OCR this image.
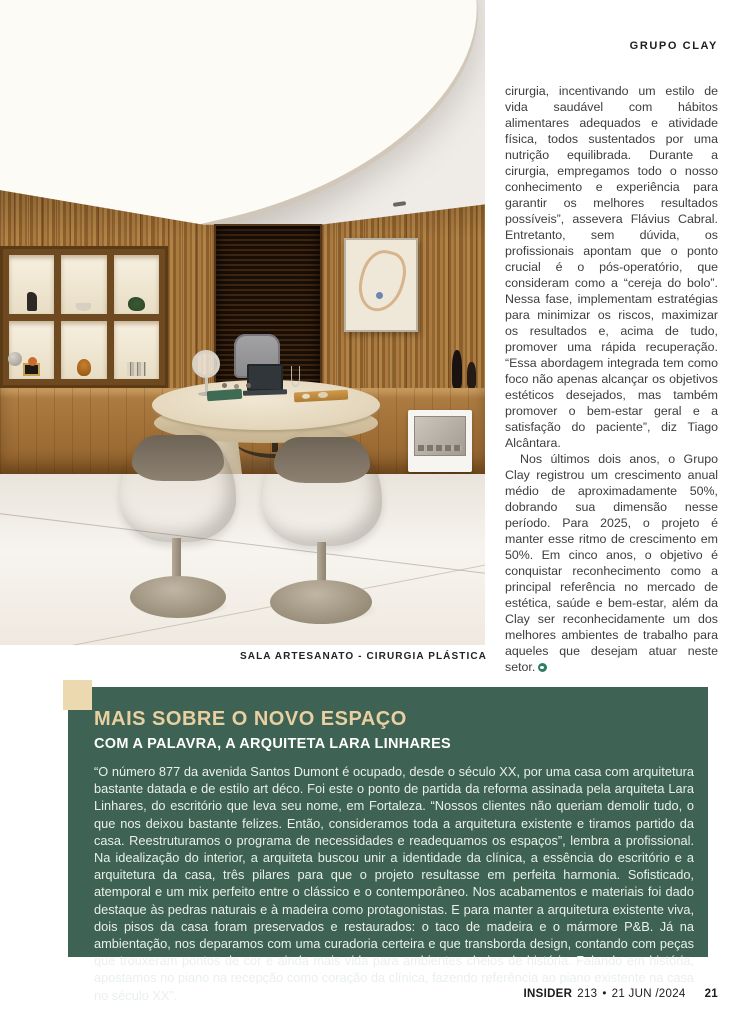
SALA ARTESANATO - CIRURGIA PLÁSTICA
GRUPO CLAY

cirurgia, incentivando um estilo de vida saudável com hábitos alimentares adequados e atividade física, todos sustentados por uma nutrição equilibrada. Durante a cirurgia, empregamos todo o nosso conhecimento e experiência para garantir os melhores resultados possíveis”, assevera Flávius Cabral. Entretanto, sem dúvida, os profissionais apontam que o ponto crucial é o pós-operatório, que consideram como a “cereja do bolo”. Nessa fase, implementam estratégias para minimizar os riscos, maximizar os resultados e, acima de tudo, promover uma rápida recuperação. “Essa abordagem integrada tem como foco não apenas alcançar os objetivos estéticos desejados, mas também promover o bem-estar geral e a satisfação do paciente”, diz Tiago Alcântara.

Nos últimos dois anos, o Grupo Clay registrou um crescimento anual médio de aproximadamente 50%, dobrando sua dimensão nesse período. Para 2025, o projeto é manter esse ritmo de crescimento em 50%. Em cinco anos, o objetivo é conquistar reconhecimento como a principal referência no mercado de estética, saúde e bem-estar, além da Clay ser reconhecidamente um dos melhores ambientes de trabalho para aqueles que desejam atuar neste setor.

MAIS SOBRE O NOVO ESPAÇO
COM A PALAVRA, A ARQUITETA LARA LINHARES
“O número 877 da avenida Santos Dumont é ocupado, desde o século XX, por uma casa com arquitetura bastante datada e de estilo art déco. Foi este o ponto de partida da reforma assinada pela arquiteta Lara Linhares, do escritório que leva seu nome, em Fortaleza. “Nossos clientes não queriam demolir tudo, o que nos deixou bastante felizes. Então, consideramos toda a arquitetura existente e tiramos partido da casa. Reestruturamos o programa de necessidades e readequamos os espaços”, lembra a profissional. Na idealização do interior, a arquiteta buscou unir a identidade da clínica, a essência do escritório e a arquitetura da casa, três pilares para que o projeto resultasse em perfeita harmonia. Sofisticado, atemporal e um mix perfeito entre o clássico e o contemporâneo. Nos acabamentos e materiais foi dado destaque às pedras naturais e à madeira como protagonistas. E para manter a arquitetura existente viva, dois pisos da casa foram preservados e restaurados: o taco de madeira e o mármore P&B. Já na ambientação, nos deparamos com uma curadoria certeira e que transborda design, contando com peças que trouxeram pontos de cor e ainda mais vida para ambientes cheios de história. Falando em história, apostamos no piano na recepção como coração da clínica, fazendo referência ao piano existente na casa no século XX”.	INSIDER 213 • 21 JUN /2024 21
